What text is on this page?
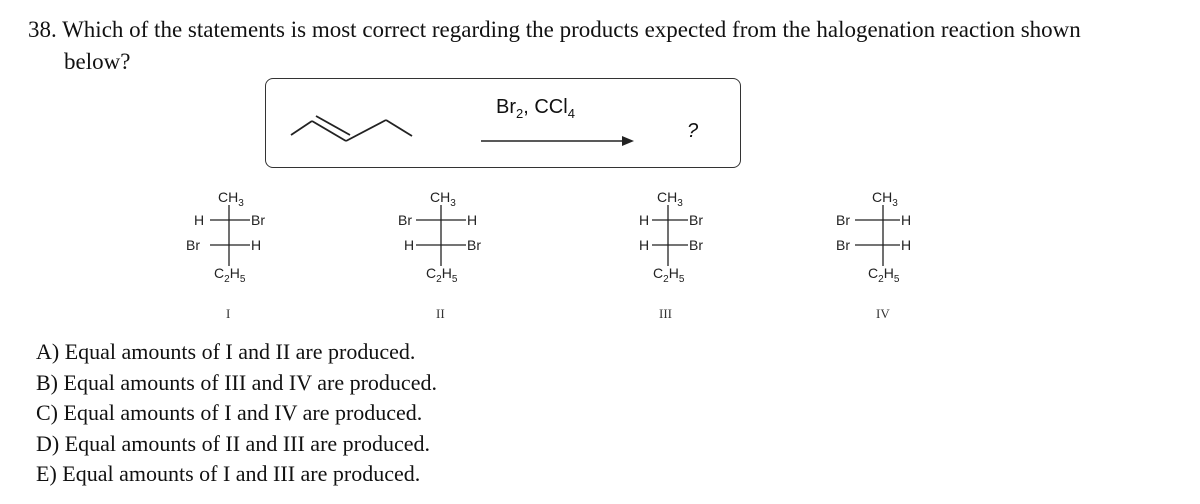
38. Which of the statements is most correct regarding the products expected from the halogenation reaction shown
below?
$Br_2$, CCl$_4$
?
$CH_3$
H	Br
Br	H
$C_2H_5$
I
$CH_3$
Br	H
H	Br
$C_2H_5$
II
$CH_3$
H	Br
H	Br
$C_2H_5$
III
$CH_3$
Br	H
Br	H
$C_2H_5$
IV
A) Equal amounts of I and II are produced.
B) Equal amounts of III and IV are produced.
C) Equal amounts of I and IV are produced.
D) Equal amounts of II and III are produced.
E) Equal amounts of I and III are produced.
